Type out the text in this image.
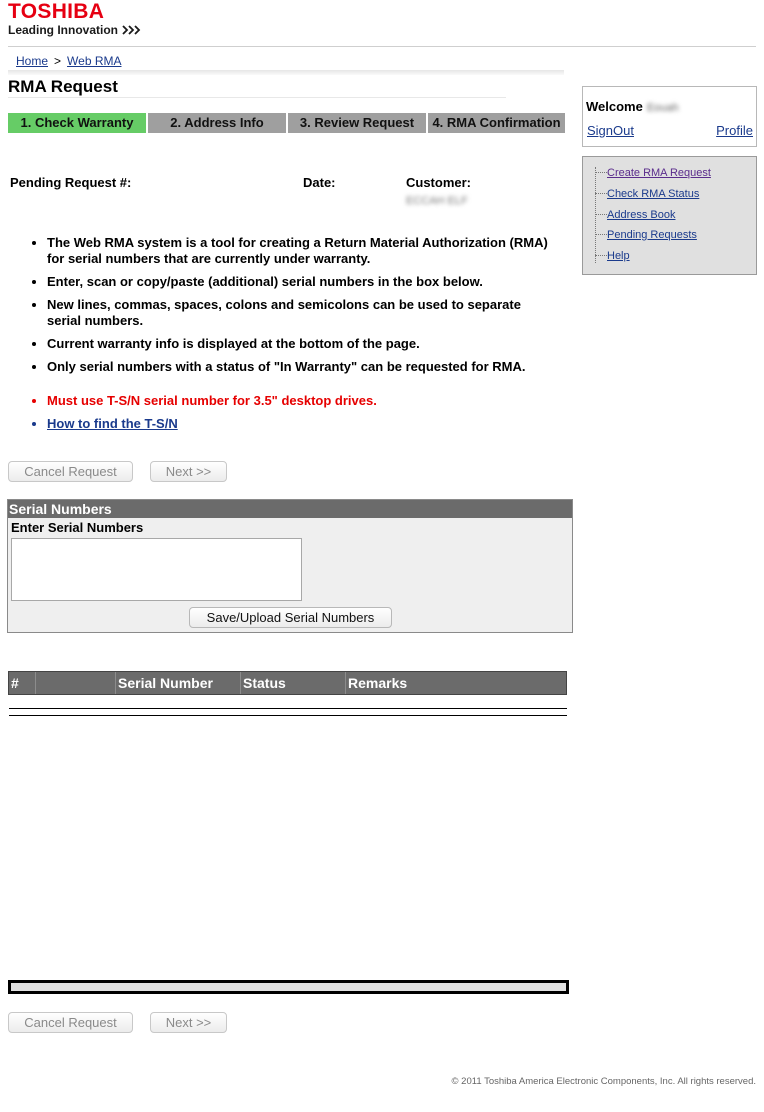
TOSHIBA
Leading Innovation
Home > Web RMA
RMA Request
1. Check Warranty	2. Address Info	3. Review Request	4. RMA Confirmation
Pending Request #:	Date:	Customer:
ECCAH ELF
• The Web RMA system is a tool for creating a Return Material Authorization (RMA) for serial numbers that are currently under warranty.
• Enter, scan or copy/paste (additional) serial numbers in the box below.
• New lines, commas, spaces, colons and semicolons can be used to separate serial numbers.
• Current warranty info is displayed at the bottom of the page.
• Only serial numbers with a status of "In Warranty" can be requested for RMA.
• Must use T-S/N serial number for 3.5" desktop drives.
• How to find the T-S/N
Cancel Request	Next >>
Serial Numbers
Enter Serial Numbers
Save/Upload Serial Numbers
#	Serial Number	Status	Remarks
Cancel Request	Next >>
Welcome Eouah
SignOut	Profile
Create RMA Request
Check RMA Status
Address Book
Pending Requests
Help
© 2011 Toshiba America Electronic Components, Inc. All rights reserved.
